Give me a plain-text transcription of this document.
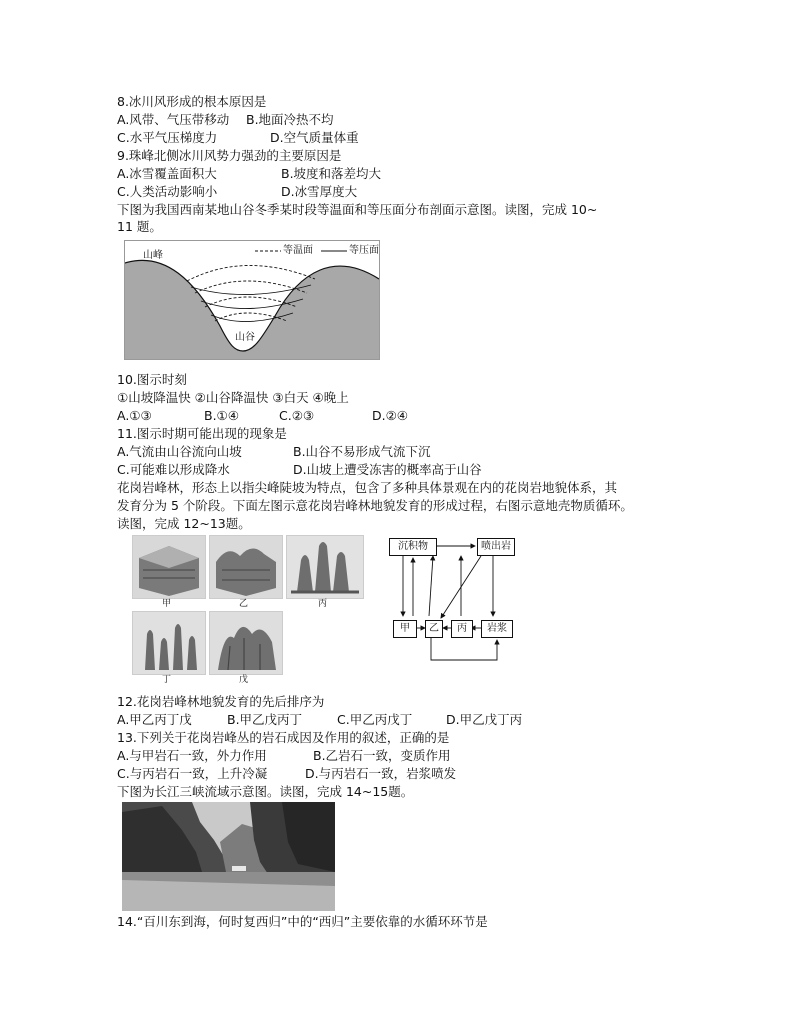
8.冰川风形成的根本原因是
A.风带、气压带移动 B.地面冷热不均
C.水平气压梯度力	D.空气质量体重
9.珠峰北侧冰川风势力强劲的主要原因是
A.冰雪覆盖面积大	B.坡度和落差均大
C.人类活动影响小	D.冰雪厚度大
下图为我国西南某地山谷冬季某时段等温面和等压面分布剖面示意图。读图，完成 10~
11 题。
山峰
山谷
等温面	等压面
10.图示时刻
①山坡降温快 ②山谷降温快 ③白天 ④晚上
A.①③	B.①④	C.②③	D.②④
11.图示时期可能出现的现象是
A.气流由山谷流向山坡	B.山谷不易形成气流下沉
C.可能难以形成降水	D.山坡上遭受冻害的概率高于山谷
花岗岩峰林，形态上以指尖峰陡坡为特点，包含了多种具体景观在内的花岗岩地貌体系，其
发育分为 5 个阶段。下面左图示意花岗岩峰林地貌发育的形成过程，右图示意地壳物质循环。
读图，完成 12~13题。
甲	乙	丙
丁	戊
沉积物	喷出岩
甲	乙	丙	岩浆
12.花岗岩峰林地貌发育的先后排序为
A.甲乙丙丁戊	B.甲乙戊丙丁	C.甲乙丙戊丁	D.甲乙戊丁丙
13.下列关于花岗岩峰丛的岩石成因及作用的叙述，正确的是
A.与甲岩石一致，外力作用	B.乙岩石一致，变质作用
C.与丙岩石一致，上升冷凝	D.与丙岩石一致，岩浆喷发
下图为长江三峡流域示意图。读图，完成 14~15题。
14.“百川东到海，何时复西归”中的“西归”主要依靠的水循环环节是
